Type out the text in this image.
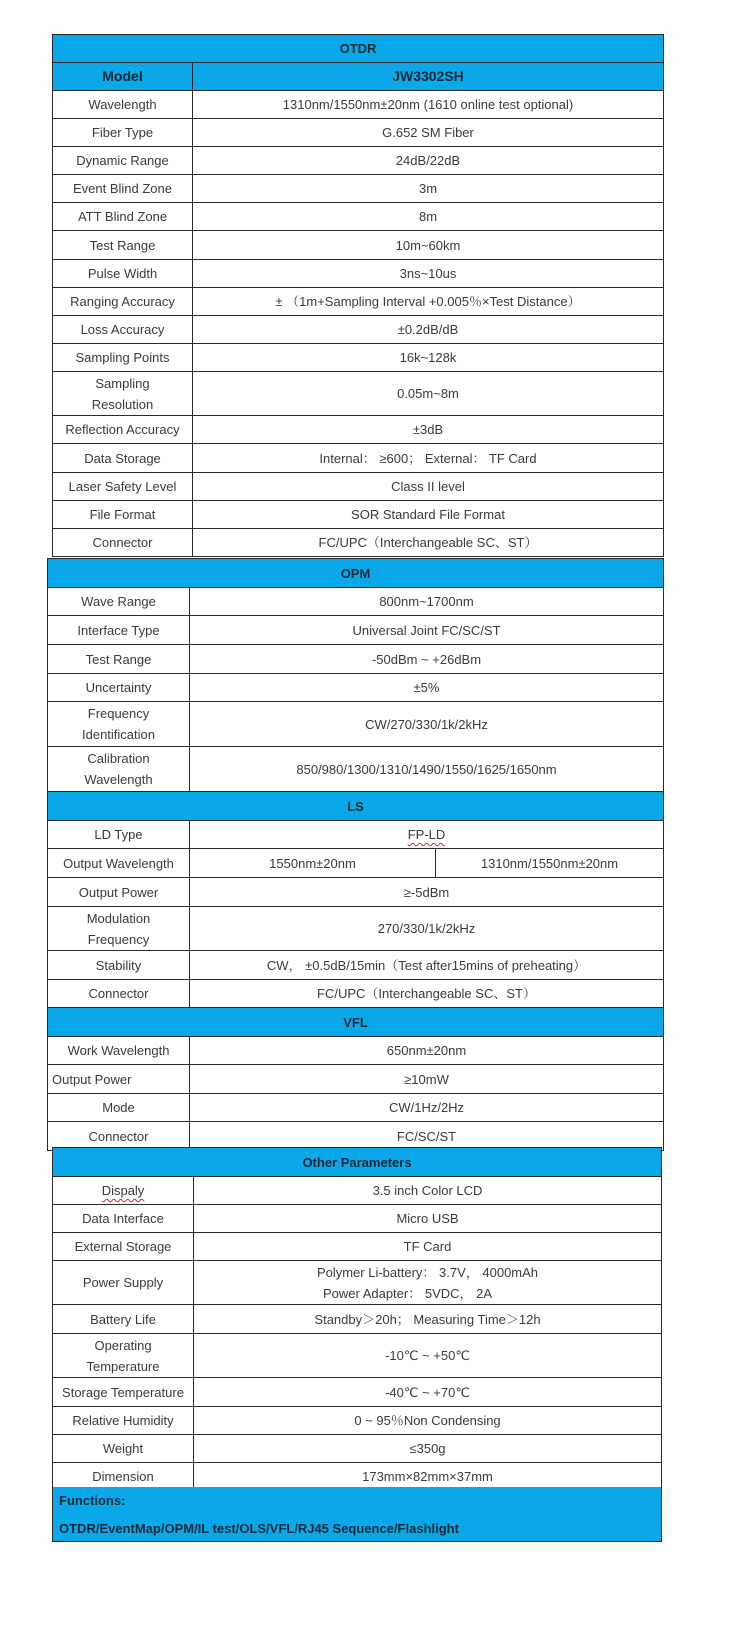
OTDR	
Model	JW3302SH
Wavelength	1310nm/1550nm±20nm (1610 online test optional)
Fiber Type	G.652 SM Fiber
Dynamic Range	24dB/22dB
Event Blind Zone	3m
ATT Blind Zone	8m
Test Range	10m~60km
Pulse Width	3ns~10us
Ranging Accuracy	± （1m+Sampling Interval +0.005％×Test Distance）
Loss Accuracy	±0.2dB/dB
Sampling Points	16k~128k
Sampling Resolution	0.05m~8m
Reflection Accuracy	±3dB
Data Storage	Internal： ≥600； External： TF Card
Laser Safety Level	Class II level
File Format	SOR Standard File Format
Connector	FC/UPC（Interchangeable SC、ST）
OPM		
Wave Range	800nm~1700nm	
Interface Type	Universal Joint FC/SC/ST	
Test Range	-50dBm ~ +26dBm	
Uncertainty	±5%	
Frequency Identification	CW/270/330/1k/2kHz	
Calibration Wavelength	850/980/1300/1310/1490/1550/1625/1650nm	
LS		
LD Type	FP-LD	
Output Wavelength	1550nm±20nm	1310nm/1550nm±20nm
Output Power	≥-5dBm	
Modulation Frequency	270/330/1k/2kHz	
Stability	CW， ±0.5dB/15min（Test after15mins of preheating）	
Connector	FC/UPC（Interchangeable SC、ST）	
VFL		
Work Wavelength	650nm±20nm	
Output Power	≥10mW	
Mode	CW/1Hz/2Hz	
Connector	FC/SC/ST	
Other Parameters	
Dispaly	3.5 inch Color LCD
Data Interface	Micro USB
External Storage	TF Card
Power Supply	Polymer Li-battery： 3.7V， 4000mAh
Power Adapter： 5VDC， 2A

Battery Life	Standby＞20h； Measuring Time＞12h
Operating Temperature	-10℃ ~ +50℃
Storage Temperature	-40℃ ~ +70℃
Relative Humidity	0 ~ 95％Non Condensing
Weight	≤350g
Dimension	173mm×82mm×37mm
Functions:
OTDR/EventMap/OPM/IL test/OLS/VFL/RJ45 Sequence/Flashlight
